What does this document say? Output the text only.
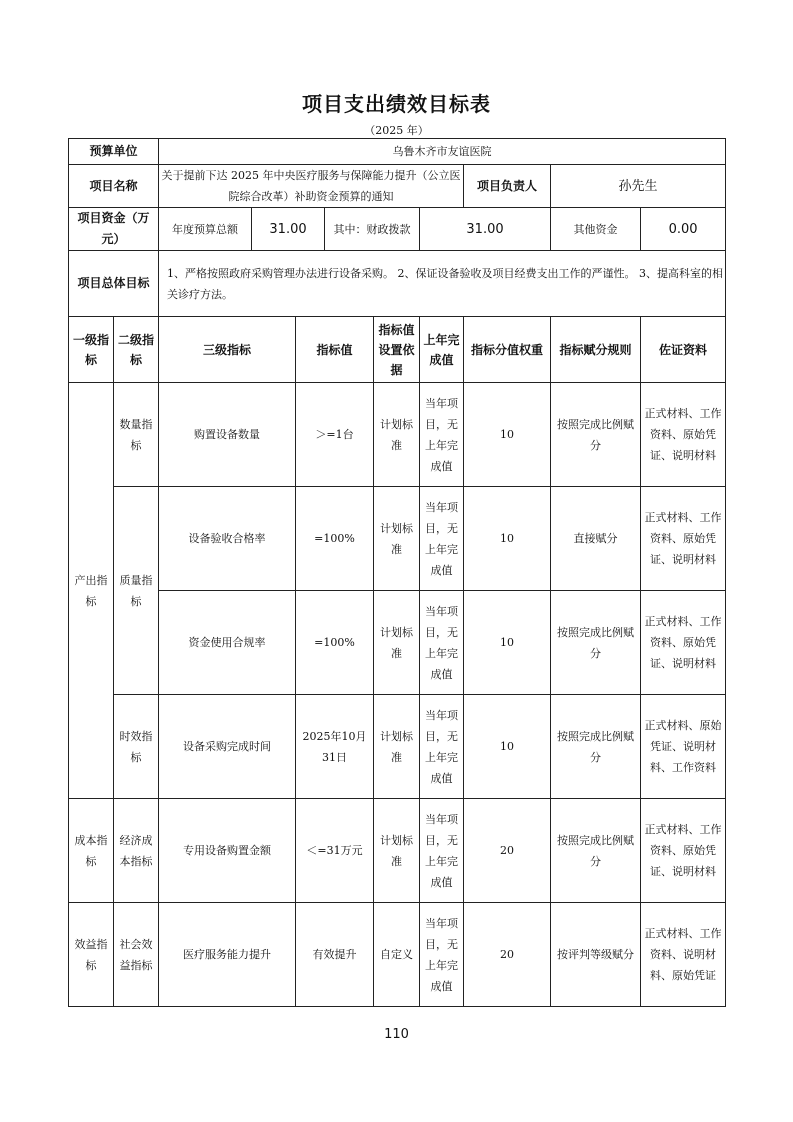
项目支出绩效目标表
（2025 年）
预算单位		乌鲁木齐市友谊医院								
项目名称		关于提前下达 2025 年中央医疗服务与保障能力提升（公立医院综合改革）补助资金预算的通知						项目负责人	孙先生	
项目资金（万元）		年度预算总额	31.00		其中：财政拨款		31.00		其他资金	0.00
项目总体目标		1、严格按照政府采购管理办法进行设备采购。 2、保证设备验收及项目经费支出工作的严谨性。 3、提高科室的相关诊疗方法。								
一级指标	二级指标	三级指标		指标值		指标值设置依据	上年完成值	指标分值权重	指标赋分规则	佐证资料
产出指标	数量指标	购置设备数量		＞=1台		计划标准	当年项目，无上年完成值	10	按照完成比例赋分	正式材料、工作资料、原始凭证、说明材料
	质量指标	设备验收合格率		=100%		计划标准	当年项目，无上年完成值	10	直接赋分	正式材料、工作资料、原始凭证、说明材料
		资金使用合规率		=100%		计划标准	当年项目，无上年完成值	10	按照完成比例赋分	正式材料、工作资料、原始凭证、说明材料
	时效指标	设备采购完成时间		2025年10月31日		计划标准	当年项目，无上年完成值	10	按照完成比例赋分	正式材料、原始凭证、说明材料、工作资料
成本指标	经济成本指标	专用设备购置金额		＜=31万元		计划标准	当年项目，无上年完成值	20	按照完成比例赋分	正式材料、工作资料、原始凭证、说明材料
效益指标	社会效益指标	医疗服务能力提升		有效提升		自定义	当年项目，无上年完成值	20	按评判等级赋分	正式材料、工作资料、说明材料、原始凭证
110
